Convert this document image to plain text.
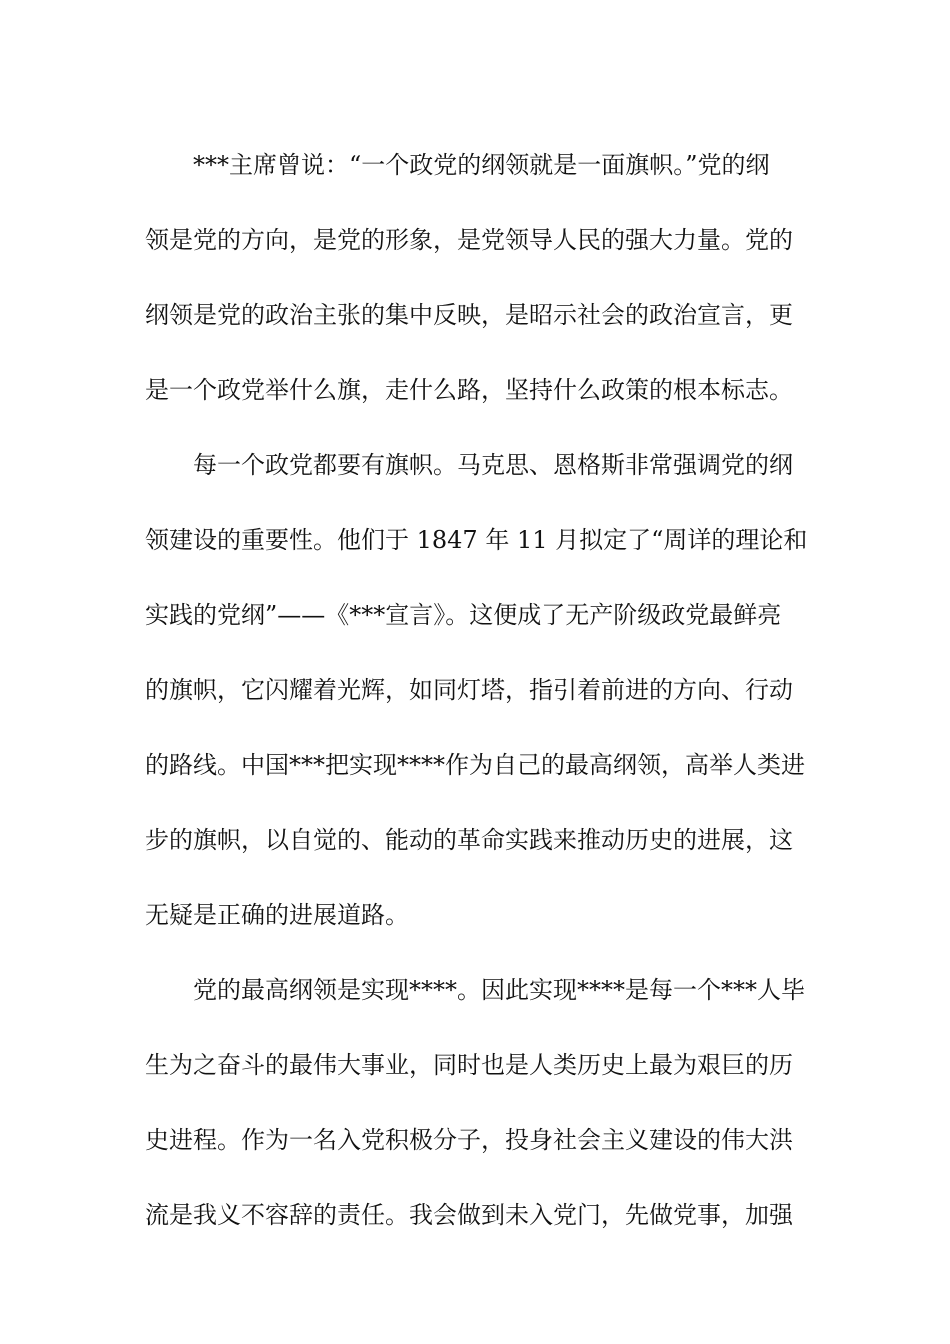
***主席曾说：“一个政党的纲领就是一面旗帜。”党的纲
领是党的方向，是党的形象，是党领导人民的强大力量。党的
纲领是党的政治主张的集中反映，是昭示社会的政治宣言，更
是一个政党举什么旗，走什么路，坚持什么政策的根本标志。
每一个政党都要有旗帜。马克思、恩格斯非常强调党的纲
领建设的重要性。他们于 1847 年 11 月拟定了“周详的理论和
实践的党纲”——《***宣言》。这便成了无产阶级政党最鲜亮
的旗帜，它闪耀着光辉，如同灯塔，指引着前进的方向、行动
的路线。中国***把实现****作为自己的最高纲领，高举人类进
步的旗帜，以自觉的、能动的革命实践来推动历史的进展，这
无疑是正确的进展道路。
党的最高纲领是实现****。因此实现****是每一个***人毕
生为之奋斗的最伟大事业，同时也是人类历史上最为艰巨的历
史进程。作为一名入党积极分子，投身社会主义建设的伟大洪
流是我义不容辞的责任。我会做到未入党门，先做党事，加强
